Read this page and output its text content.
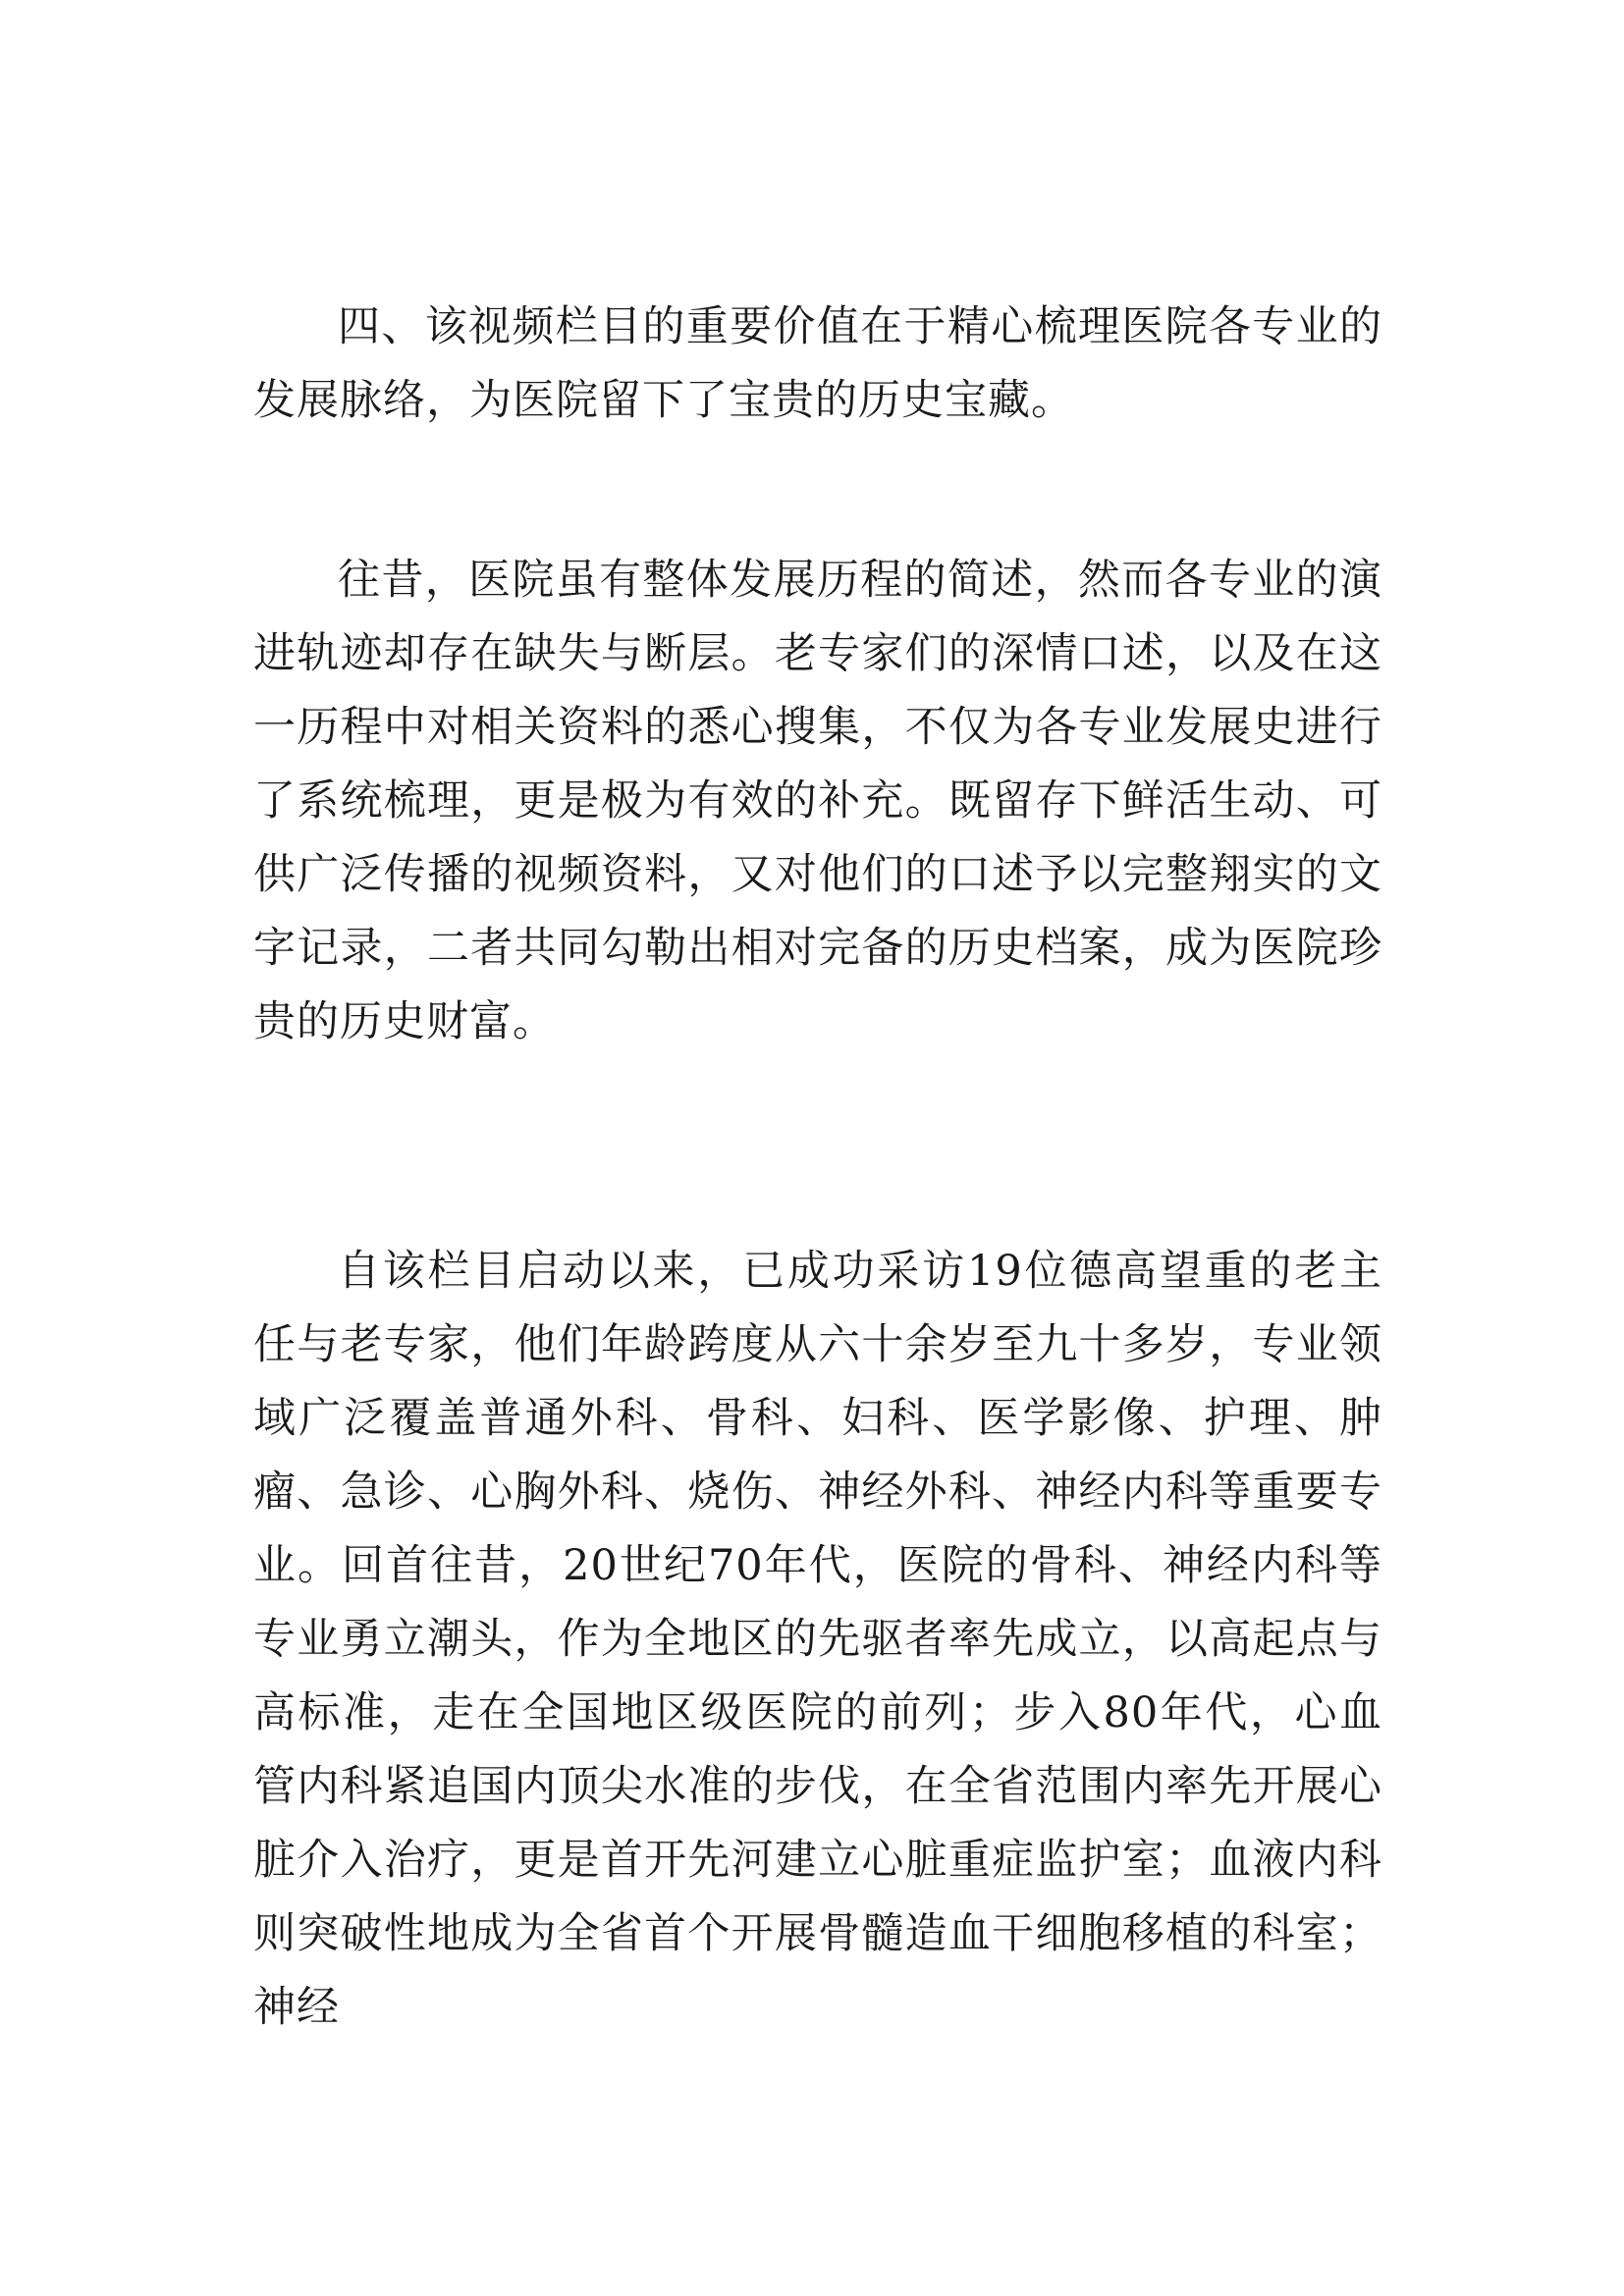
四、该视频栏目的重要价值在于精心梳理医院各专业的发展脉络，为医院留下了宝贵的历史宝藏。

往昔，医院虽有整体发展历程的简述，然而各专业的演进轨迹却存在缺失与断层。老专家们的深情口述，以及在这一历程中对相关资料的悉心搜集，不仅为各专业发展史进行了系统梳理，更是极为有效的补充。既留存下鲜活生动、可供广泛传播的视频资料，又对他们的口述予以完整翔实的文字记录，二者共同勾勒出相对完备的历史档案，成为医院珍贵的历史财富。

自该栏目启动以来，已成功采访19位德高望重的老主任与老专家，他们年龄跨度从六十余岁至九十多岁，专业领域广泛覆盖普通外科、骨科、妇科、医学影像、护理、肿瘤、急诊、心胸外科、烧伤、神经外科、神经内科等重要专业。回首往昔，20世纪70年代，医院的骨科、神经内科等专业勇立潮头，作为全地区的先驱者率先成立，以高起点与高标准，走在全国地区级医院的前列；步入80年代，心血管内科紧追国内顶尖水准的步伐，在全省范围内率先开展心脏介入治疗，更是首开先河建立心脏重症监护室；血液内科则突破性地成为全省首个开展骨髓造血干细胞移植的科室；神经
